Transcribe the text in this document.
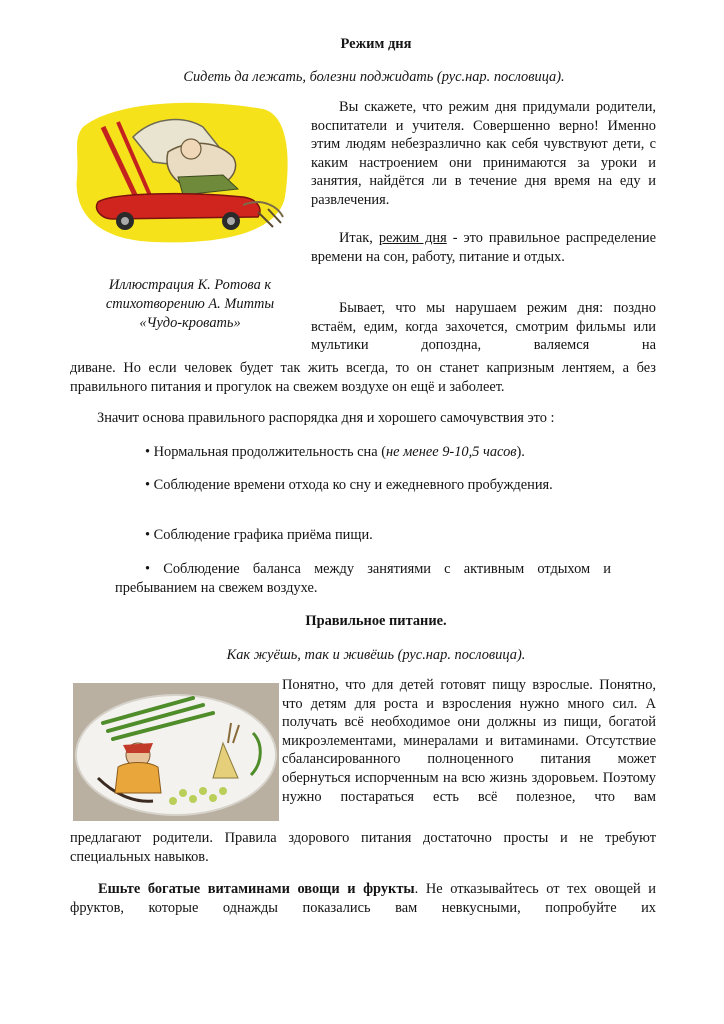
Режим дня
Сидеть да лежать, болезни поджидать (рус.нар. пословица).
Иллюстрация К. Ротова к
стихотворению А. Митты
«Чудо-кровать»
Вы скажете, что режим дня придумали родители, воспитатели и учителя. Совершенно верно! Именно этим людям небезразлично как себя чувствуют дети, с каким настроением они принимаются за уроки и занятия, найдётся ли в течение дня время на еду и развлечения.
Итак, режим дня - это правильное распределение времени на сон, работу, питание и отдых.
Бывает, что мы нарушаем режим дня: поздно встаём, едим, когда захочется, смотрим фильмы или мультики допоздна, валяемся на
диване. Но если человек будет так жить всегда, то он станет капризным лентяем, а без правильного питания и прогулок на свежем воздухе он ещё и заболеет.
Значит основа правильного распорядка дня и хорошего самочувствия это :
• Нормальная продолжительность сна (не менее 9-10,5 часов).
• Соблюдение времени отхода ко сну и ежедневного пробуждения.
• Соблюдение графика приёма пищи.
• Соблюдение баланса между занятиями с активным отдыхом и пребыванием на свежем воздухе.
Правильное питание.
Как жуёшь, так и живёшь (рус.нар. пословица).
Понятно, что для детей готовят пищу взрослые. Понятно, что детям для роста и взросления нужно много сил. А получать всё необходимое они должны из пищи, богатой микроэлементами, минералами и витаминами. Отсутствие сбалансированного полноценного питания может обернуться испорченным на всю жизнь здоровьем. Поэтому нужно постараться есть всё полезное, что вам
предлагают родители. Правила здорового питания достаточно просты и не требуют специальных навыков.
Ешьте богатые витаминами овощи и фрукты. Не отказывайтесь от тех овощей и фруктов, которые однажды показались вам невкусными, попробуйте их
